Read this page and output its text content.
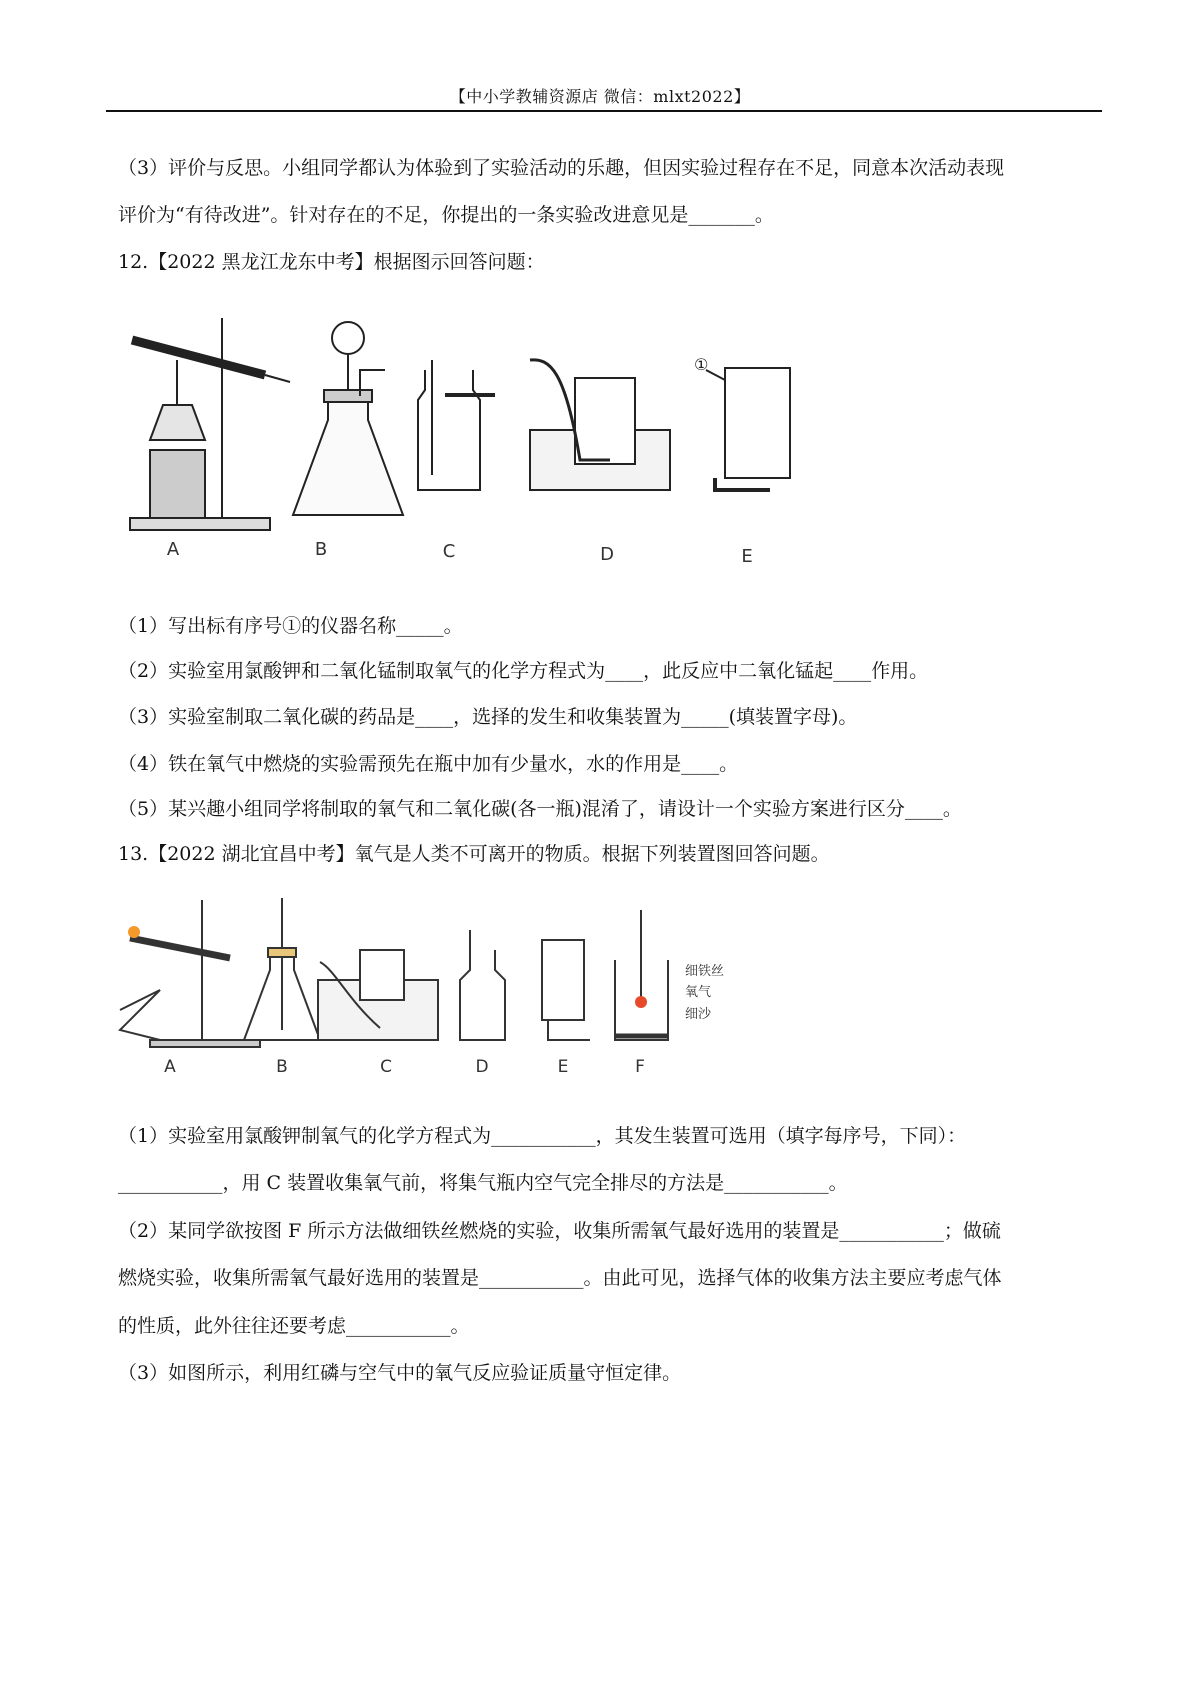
【中小学教辅资源店 微信：mlxt2022】
（3）评价与反思。小组同学都认为体验到了实验活动的乐趣，但因实验过程存在不足，同意本次活动表现
评价为“有待改进”。针对存在的不足，你提出的一条实验改进意见是_______。
12.【2022 黑龙江龙东中考】根据图示回答问题：
①
A	B	C	D	E
（1）写出标有序号①的仪器名称_____。
（2）实验室用氯酸钾和二氧化锰制取氧气的化学方程式为____，此反应中二氧化锰起____作用。
（3）实验室制取二氧化碳的药品是____，选择的发生和收集装置为_____(填装置字母)。
（4）铁在氧气中燃烧的实验需预先在瓶中加有少量水，水的作用是____。
（5）某兴趣小组同学将制取的氧气和二氧化碳(各一瓶)混淆了，请设计一个实验方案进行区分____。
13.【2022 湖北宜昌中考】氧气是人类不可离开的物质。根据下列装置图回答问题。
细铁丝
氧气
细沙
A	B	C	D	E	F
（1）实验室用氯酸钾制氧气的化学方程式为___________，其发生装置可选用（填字每序号，下同）：
___________，用 C 装置收集氧气前，将集气瓶内空气完全排尽的方法是___________。
（2）某同学欲按图 F 所示方法做细铁丝燃烧的实验，收集所需氧气最好选用的装置是___________；做硫
燃烧实验，收集所需氧气最好选用的装置是___________。由此可见，选择气体的收集方法主要应考虑气体
的性质，此外往往还要考虑___________。
（3）如图所示，利用红磷与空气中的氧气反应验证质量守恒定律。
